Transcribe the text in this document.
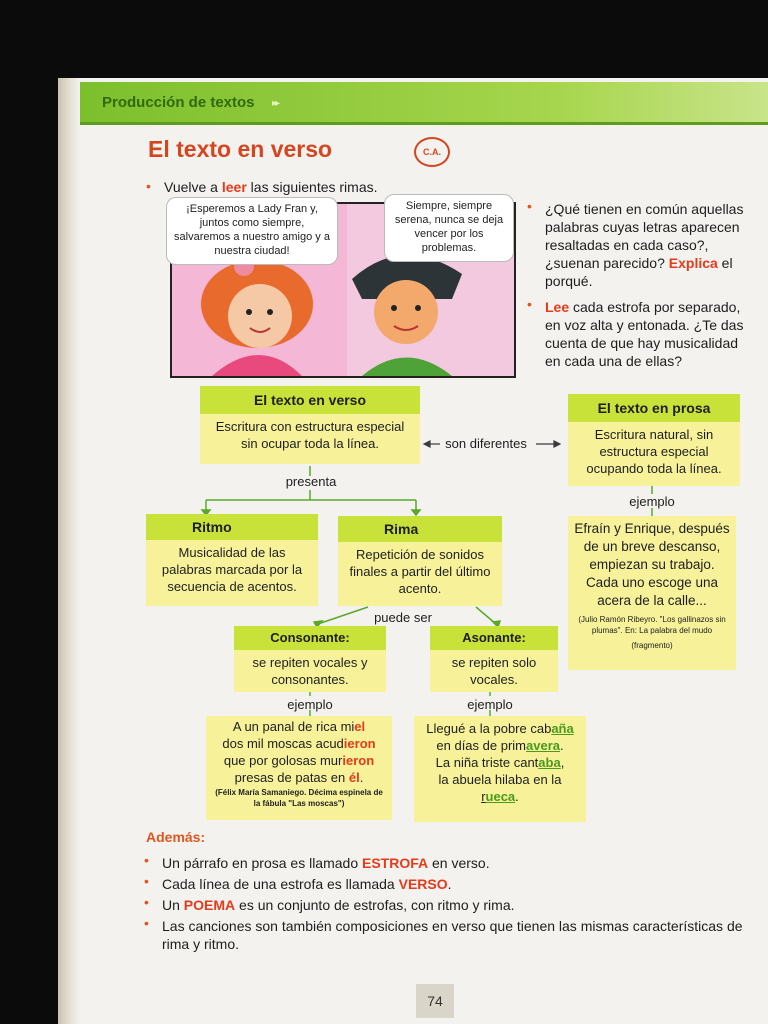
Producción de textos ▸▸
El texto en verso	C.A.
• Vuelve a leer las siguientes rimas.
¡Esperemos a Lady Fran y, juntos como siempre, salvaremos a nuestro amigo y a nuestra ciudad!
Siempre, siempre serena, nunca se deja vencer por los problemas.
• ¿Qué tienen en común aquellas palabras cuyas letras aparecen resaltadas en cada caso?, ¿suenan parecido? Explica el porqué.
• Lee cada estrofa por separado, en voz alta y entonada. ¿Te das cuenta de que hay musicalidad en cada una de ellas?
El texto en verso
Escritura con estructura especial sin ocupar toda la línea.	son diferentes
El texto en prosa
Escritura natural, sin estructura especial ocupando toda la línea.
presenta
ejemplo
Ritmo
Musicalidad de las palabras marcada por la secuencia de acentos.
Rima
Repetición de sonidos finales a partir del último acento.
Efraín y Enrique, después de un breve descanso, empiezan su trabajo. Cada uno escoge una acera de la calle...
(Julio Ramón Ribeyro. "Los gallinazos sin plumas". En: La palabra del mudo
(fragmento)
puede ser
Consonante:
se repiten vocales y consonantes.
Asonante:
se repiten solo vocales.
ejemplo	ejemplo
A un panal de rica miel
dos mil moscas acudieron
que por golosas murieron
presas de patas en él.
(Félix María Samaniego. Décima espinela de la fábula "Las moscas")
Llegué a la pobre cabaña
en días de primavera.
La niña triste cantaba,
la abuela hilaba en la
rueca.
Además:
• Un párrafo en prosa es llamado ESTROFA en verso.
• Cada línea de una estrofa es llamada VERSO.
• Un POEMA es un conjunto de estrofas, con ritmo y rima.
• Las canciones son también composiciones en verso que tienen las mismas características de rima y ritmo.
74
